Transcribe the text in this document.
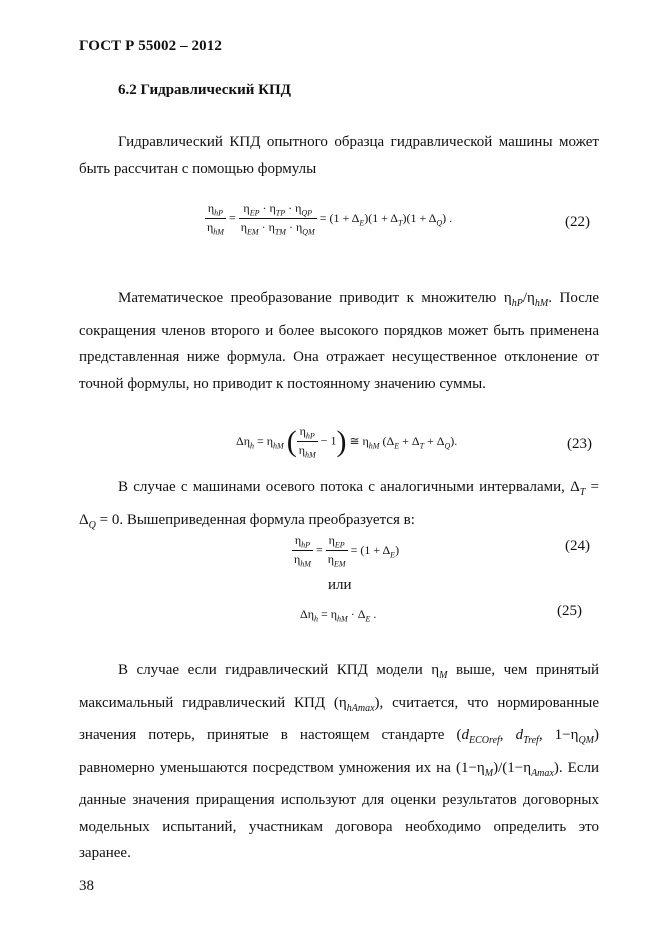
ГОСТ Р 55002 – 2012
6.2 Гидравлический КПД
Гидравлический КПД опытного образца гидравлической машины может быть рассчитан с помощью формулы
$\frac{\eta_{hP}}{\eta_{hM}} = \frac{\eta_{EP} \cdot \eta_{TP} \cdot \eta_{QP}}{\eta_{EM} \cdot \eta_{TM} \cdot \eta_{QM}} = (1 + \Delta_E)(1 + \Delta_T)(1 + \Delta_Q)$ .	(22)
Математическое преобразование приводит к множителю $\eta_{hP}/\eta_{hM}$. После сокращения членов второго и более высокого порядков может быть применена представленная ниже формула. Она отражает несущественное отклонение от точной формулы, но приводит к постоянному значению суммы.
$\Delta\eta_h = \eta_{hM}$ ( $\frac{\eta_{hP}}{\eta_{hM}} - 1$) ≅ $\eta_{hM}$ $(\Delta_E + \Delta_T + \Delta_Q)$.	(23)
В случае с машинами осевого потока с аналогичными интервалами, $\Delta_T = \Delta_Q = 0$. Вышеприведенная формула преобразуется в:
$\frac{\eta_{hP}}{\eta_{hM}} = \frac{\eta_{EP}}{\eta_{EM}} = (1 + \Delta_E)$	(24)
или
$\Delta\eta_h = \eta_{hM} \cdot \Delta_E$ .	(25)
В случае если гидравлический КПД модели $\eta_M$ выше, чем принятый максимальный гидравлический КПД $(\eta_{hAmax})$, считается, что нормированные значения потерь, принятые в настоящем стандарте ($d_{ECOref}$, $d_{Tref}$, $1-\eta_{QM}$) равномерно уменьшаются посредством умножения их на $(1-\eta_M)/(1-\eta_{Amax})$. Если данные значения приращения используют для оценки результатов договорных модельных испытаний, участникам договора необходимо определить это заранее.
38
